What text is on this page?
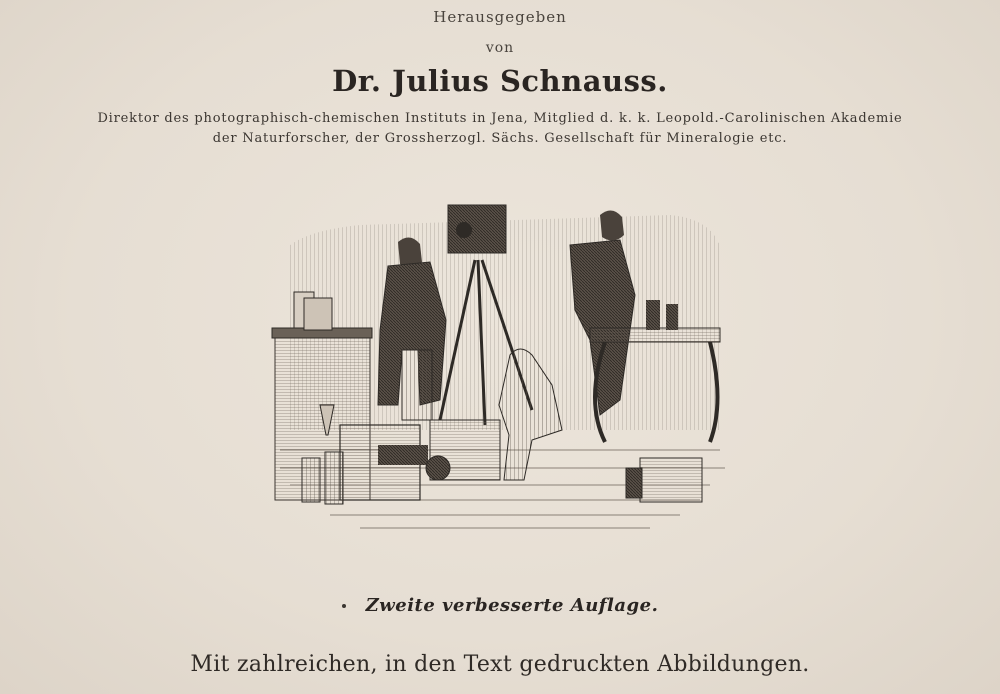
Herausgegeben
von
Dr. Julius Schnauss.
Direktor des photographisch-chemischen Instituts in Jena, Mitglied d. k. k. Leopold.-Carolinischen Akademie
der Naturforscher, der Grossherzogl. Sächs. Gesellschaft für Mineralogie etc.
Zweite verbesserte Auflage.
Mit zahlreichen, in den Text gedruckten Abbildungen.
